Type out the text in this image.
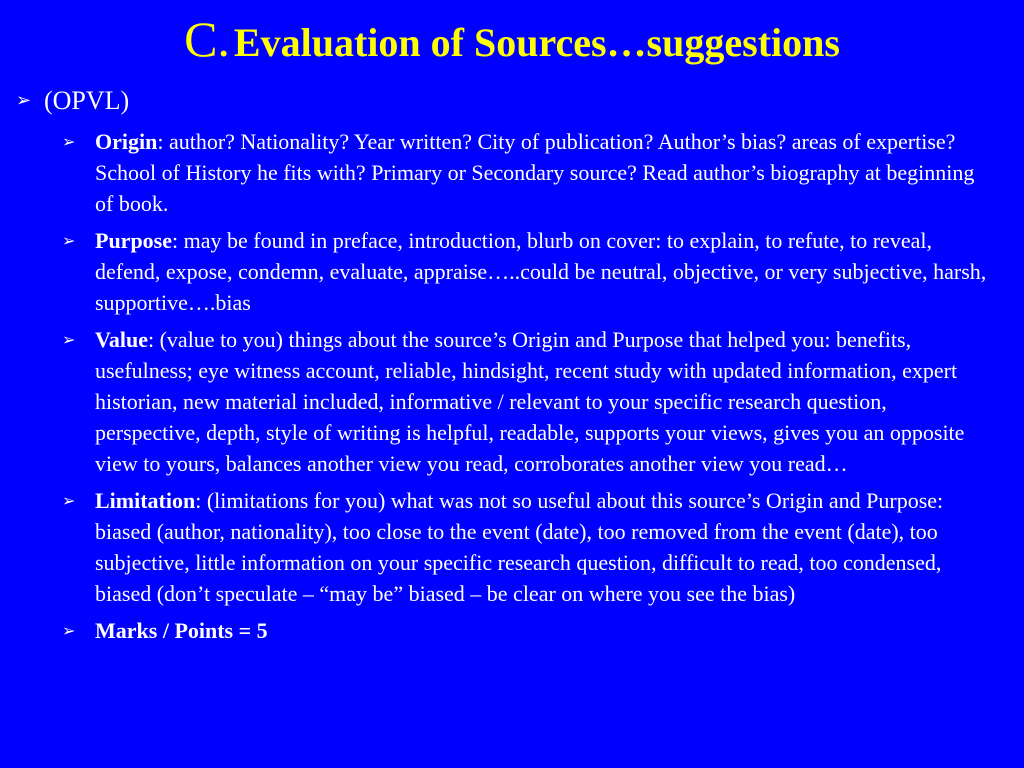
C. Evaluation of Sources…suggestions
➢ (OPVL)
➢ Origin: author? Nationality? Year written? City of publication? Author’s bias? areas of expertise? School of History he fits with? Primary or Secondary source? Read author’s biography at beginning of book.
➢ Purpose: may be found in preface, introduction, blurb on cover: to explain, to refute, to reveal, defend, expose, condemn, evaluate, appraise…..could be neutral, objective, or very subjective, harsh, supportive….bias
➢ Value: (value to you) things about the source’s Origin and Purpose that helped you: benefits, usefulness; eye witness account, reliable, hindsight, recent study with updated information, expert historian, new material included, informative / relevant to your specific research question, perspective, depth, style of writing is helpful, readable, supports your views, gives you an opposite view to yours, balances another view you read, corroborates another view you read…
➢ Limitation: (limitations for you) what was not so useful about this source’s Origin and Purpose: biased (author, nationality), too close to the event (date), too removed from the event (date), too subjective, little information on your specific research question, difficult to read, too condensed, biased (don’t speculate – “may be” biased – be clear on where you see the bias)
➢ Marks / Points = 5
